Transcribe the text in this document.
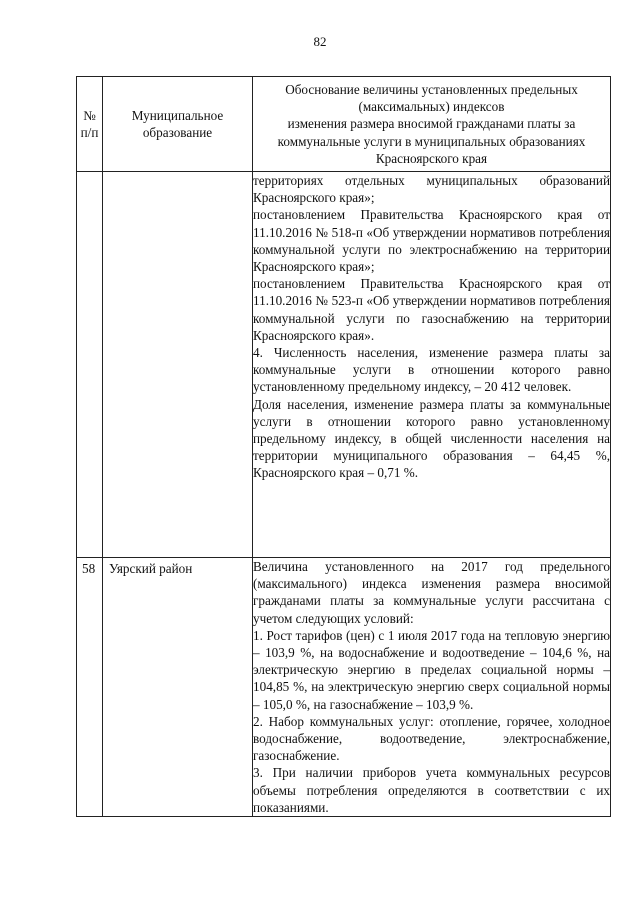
82
№ п/п	Муниципальное образование	Обоснование величины установленных предельных (максимальных) индексов
изменения размера вносимой гражданами платы за коммунальные услуги в муниципальных образованиях Красноярского края

		территориях отдельных муниципальных образований Красноярского края»;

постановлением Правительства Красноярского края от 11.10.2016 № 518-п «Об утверждении нормативов потребления коммунальной услуги по электроснабжению на территории Красноярского края»;

постановлением Правительства Красноярского края от 11.10.2016 № 523-п «Об утверждении нормативов потребления коммунальной услуги по газоснабжению на территории Красноярского края».

4. Численность населения, изменение размера платы за коммунальные услуги в отношении которого равно установленному предельному индексу, – 20 412 человек.

Доля населения, изменение размера платы за коммунальные услуги в отношении которого равно установленному предельному индексу, в общей численности населения на территории муниципального образования – 64,45 %, Красноярского края – 0,71 %.

58	Уярский район	Величина установленного на 2017 год предельного (максимального) индекса изменения размера вносимой гражданами платы за коммунальные услуги рассчитана с учетом следующих условий:

1. Рост тарифов (цен) с 1 июля 2017 года на тепловую энергию – 103,9 %, на водоснабжение и водоотведение – 104,6 %, на электрическую энергию в пределах социальной нормы – 104,85 %, на электрическую энергию сверх социальной нормы – 105,0 %, на газоснабжение – 103,9 %.

2. Набор коммунальных услуг: отопление, горячее, холодное водоснабжение, водоотведение, электроснабжение, газоснабжение.

3. При наличии приборов учета коммунальных ресурсов объемы потребления определяются в соответствии с их показаниями.
